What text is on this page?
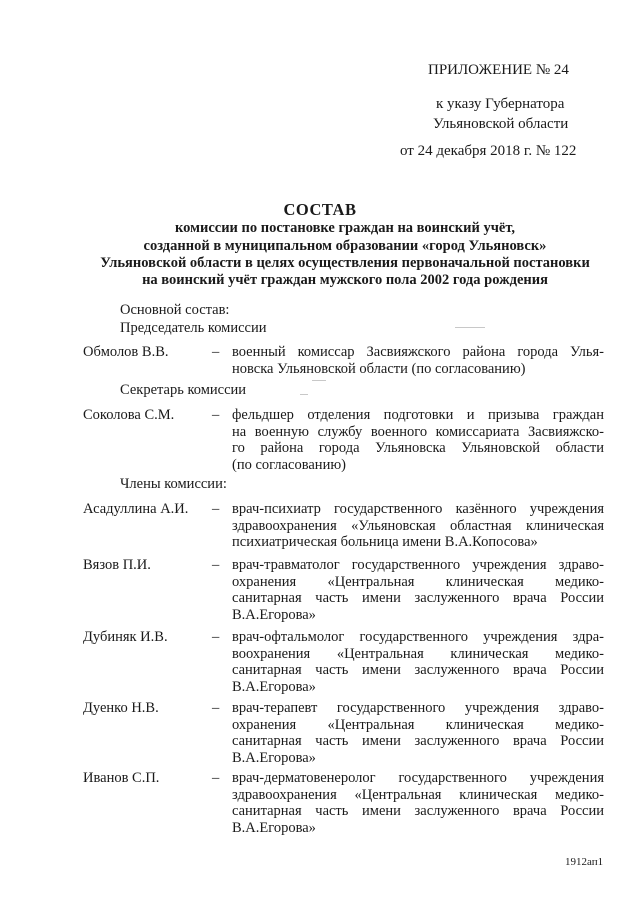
ПРИЛОЖЕНИЕ № 24
к указу Губернатора
Ульяновской области
от 24 декабря 2018 г. № 122
СОСТАВ
комиссии по постановке граждан на воинский учёт,
созданной в муниципальном образовании «город Ульяновск»
Ульяновской области в целях осуществления первоначальной постановки
на воинский учёт граждан мужского пола 2002 года рождения
Основной состав:
Председатель комиссии
Обмолов В.В.	– военный комиссар Засвияжского района города Улья-
новска Ульяновской области (по согласованию)
Секретарь комиссии
Соколова С.М.	– фельдшер отделения подготовки и призыва граждан
на военную службу военного комиссариата Засвияжско-
го района города Ульяновска Ульяновской области
(по согласованию)
Члены комиссии:
Асадуллина А.И. – врач-психиатр государственного казённого учреждения
здравоохранения «Ульяновская областная клиническая
психиатрическая больница имени В.А.Копосова»
Вязов П.И.	– врач-травматолог государственного учреждения здраво-
охранения «Центральная клиническая медико-
санитарная часть имени заслуженного врача России
В.А.Егорова»
Дубиняк И.В.	– врач-офтальмолог государственного учреждения здра-
воохранения «Центральная клиническая медико-
санитарная часть имени заслуженного врача России
В.А.Егорова»
Дуенко Н.В.	– врач-терапевт государственного учреждения здраво-
охранения «Центральная клиническая медико-
санитарная часть имени заслуженного врача России
В.А.Егорова»
Иванов С.П.	– врач-дерматовенеролог государственного учреждения
здравоохранения «Центральная клиническая медико-
санитарная часть имени заслуженного врача России
В.А.Егорова»
1912ап1
